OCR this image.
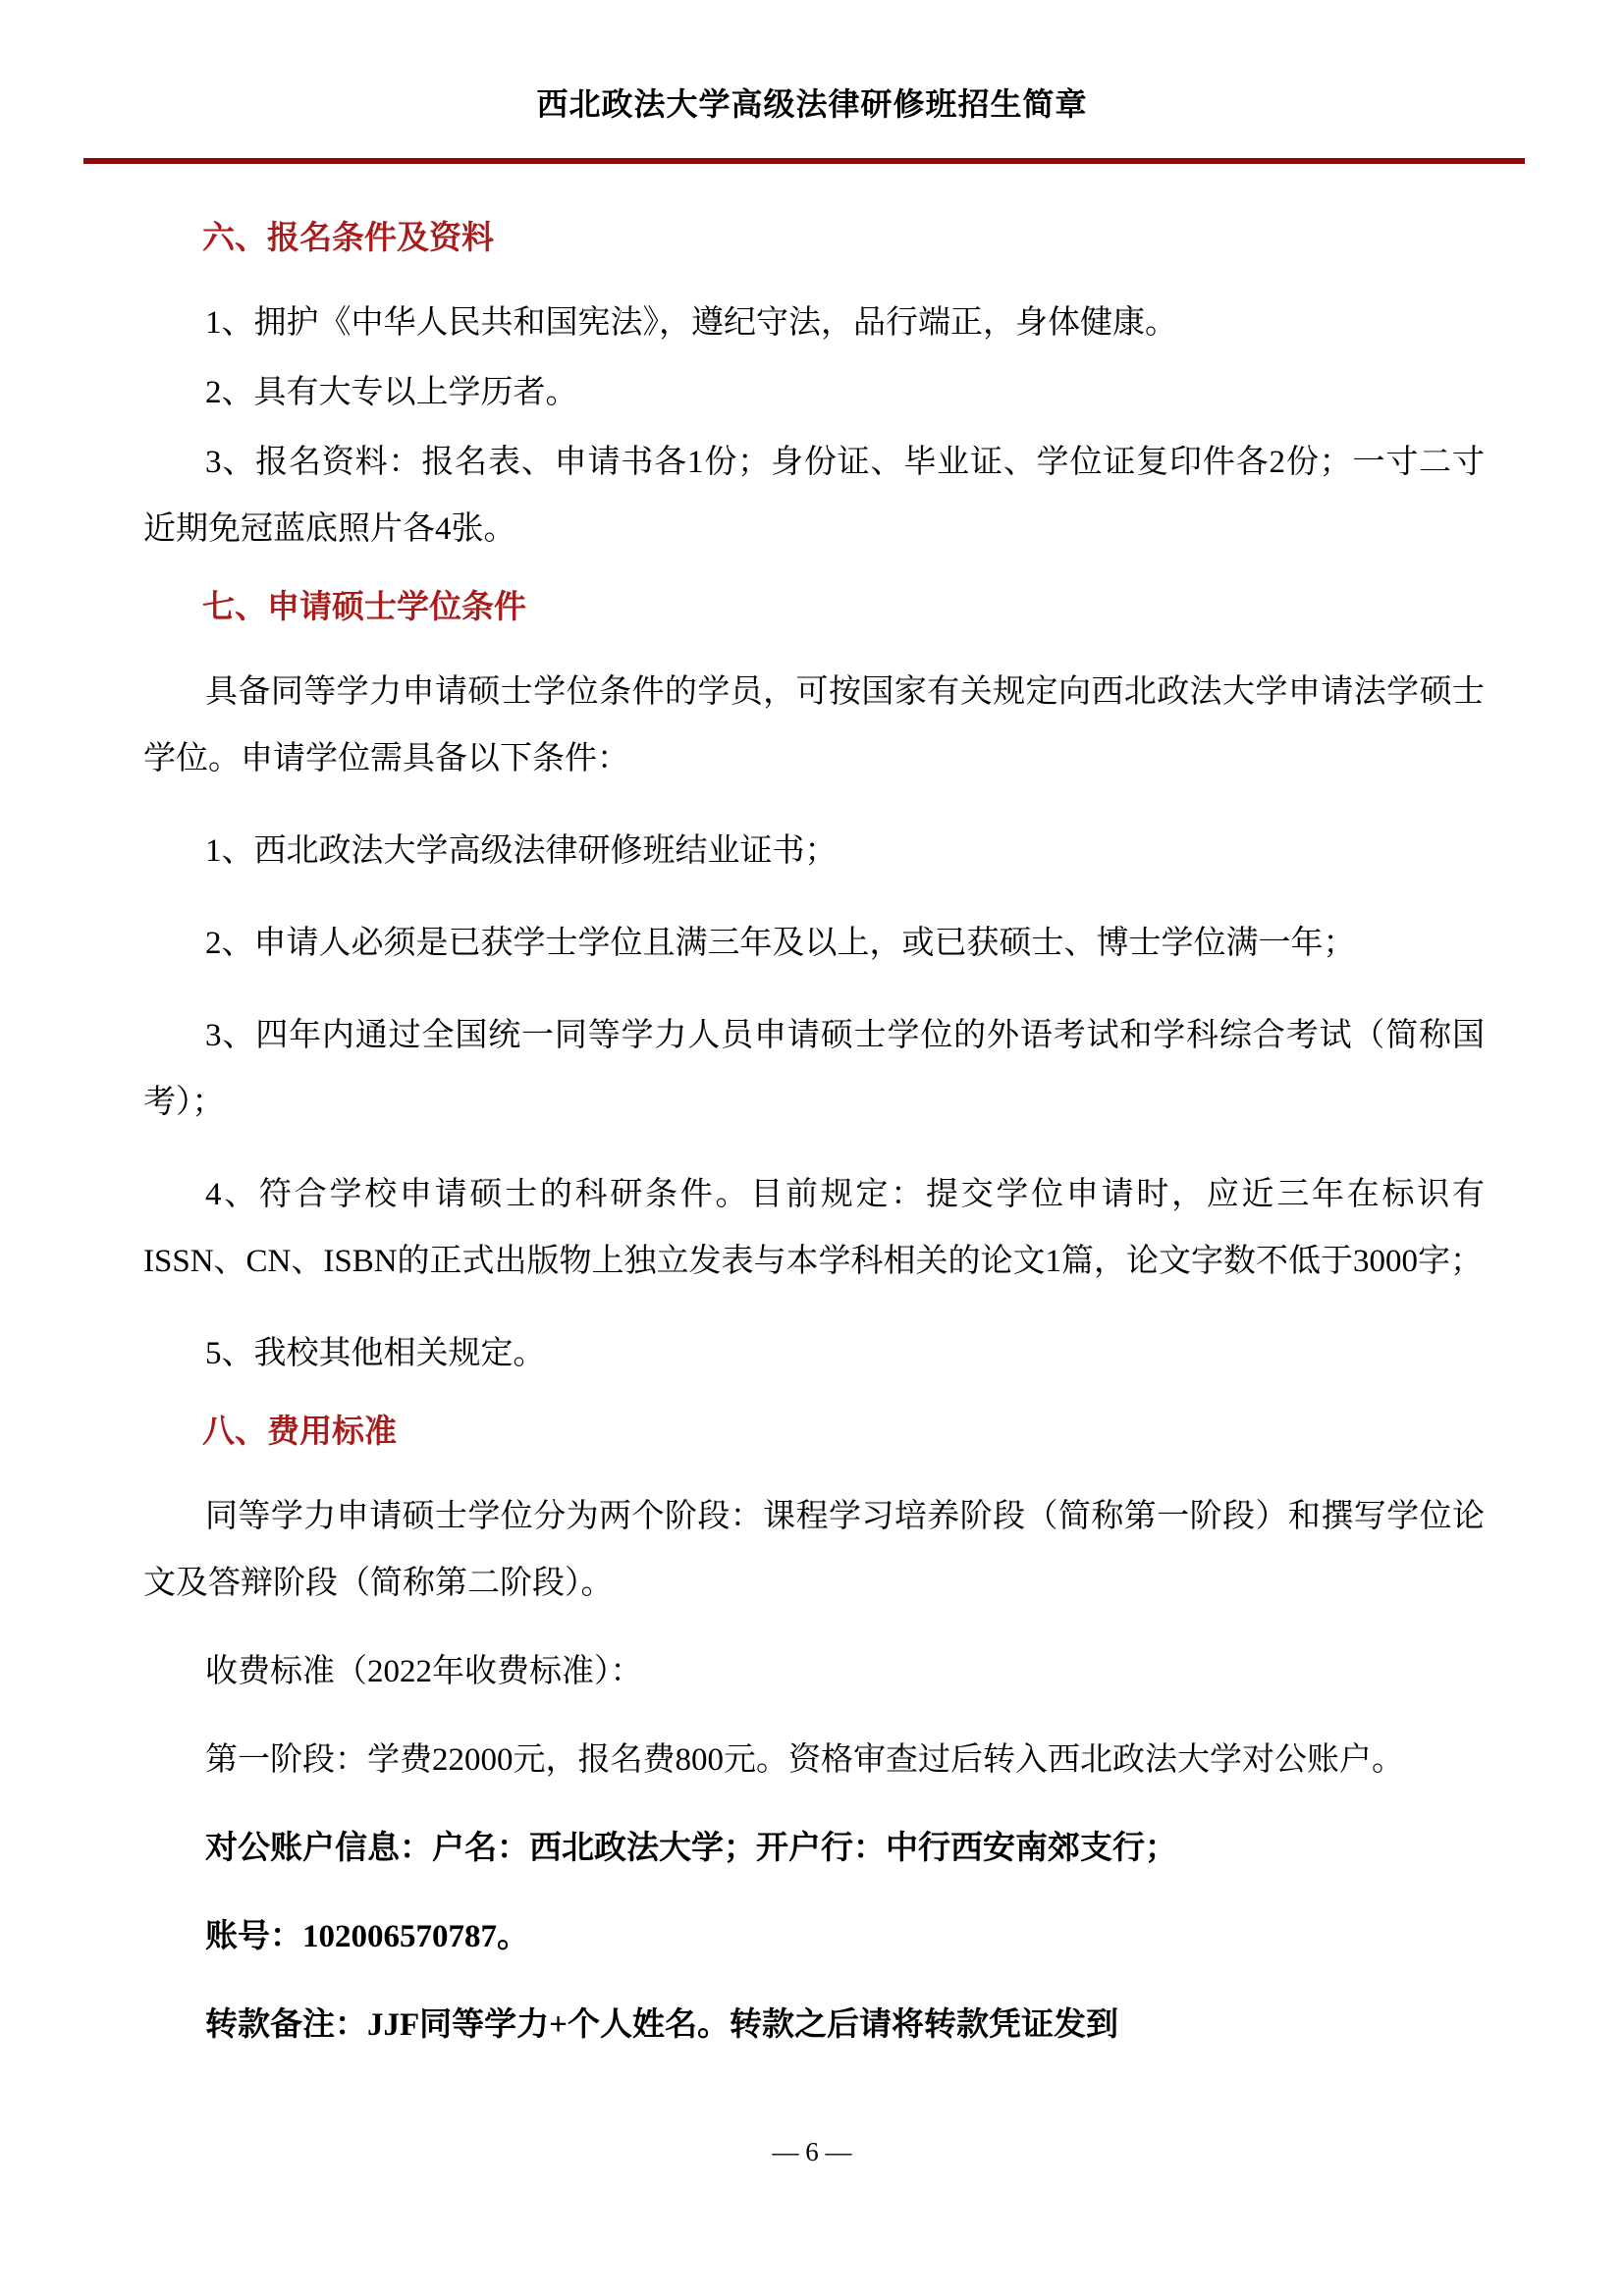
西北政法大学高级法律研修班招生简章
六、报名条件及资料

1、拥护《中华人民共和国宪法》，遵纪守法，品行端正，身体健康。

2、具有大专以上学历者。

3、报名资料：报名表、申请书各1份；身份证、毕业证、学位证复印件各2份；一寸二寸近期免冠蓝底照片各4张。

七、申请硕士学位条件

具备同等学力申请硕士学位条件的学员，可按国家有关规定向西北政法大学申请法学硕士学位。申请学位需具备以下条件：

1、西北政法大学高级法律研修班结业证书；

2、申请人必须是已获学士学位且满三年及以上，或已获硕士、博士学位满一年；

3、四年内通过全国统一同等学力人员申请硕士学位的外语考试和学科综合考试（简称国考）；

4、符合学校申请硕士的科研条件。目前规定：提交学位申请时，应近三年在标识有ISSN、CN、ISBN的正式出版物上独立发表与本学科相关的论文1篇，论文字数不低于3000字；

5、我校其他相关规定。

八、费用标准

同等学力申请硕士学位分为两个阶段：课程学习培养阶段（简称第一阶段）和撰写学位论文及答辩阶段（简称第二阶段）。

收费标准（2022年收费标准）：

第一阶段：学费22000元，报名费800元。资格审查过后转入西北政法大学对公账户。

对公账户信息：户名：西北政法大学；开户行：中行西安南郊支行；

账号：102006570787。

转款备注：JJF同等学力+个人姓名。转款之后请将转款凭证发到

— 6 —
